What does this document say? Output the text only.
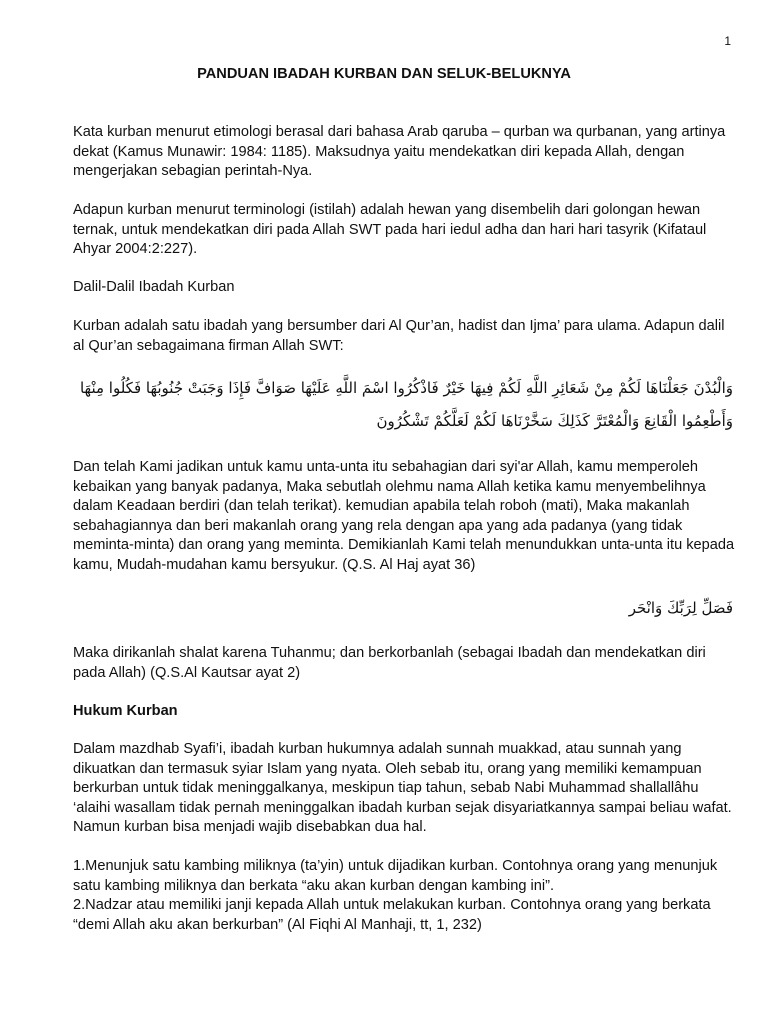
1
PANDUAN IBADAH KURBAN DAN SELUK-BELUKNYA

Kata kurban menurut etimologi berasal dari bahasa Arab qaruba – qurban wa qurbanan, yang artinya dekat (Kamus Munawir: 1984: 1185). Maksudnya yaitu mendekatkan diri kepada Allah, dengan mengerjakan sebagian perintah-Nya.

Adapun kurban menurut terminologi (istilah) adalah hewan yang disembelih dari golongan hewan ternak, untuk mendekatkan diri pada Allah SWT pada hari iedul adha dan hari hari tasyrik (Kifataul Ahyar 2004:2:227).

Dalil-Dalil Ibadah Kurban

Kurban adalah satu ibadah yang bersumber dari Al Qur’an, hadist dan Ijma’ para ulama. Adapun dalil al Qur’an sebagaimana firman Allah SWT:

وَالْبُدْنَ جَعَلْنَاهَا لَكُمْ مِنْ شَعَائِرِ اللَّهِ لَكُمْ فِيهَا خَيْرٌ فَاذْكُرُوا اسْمَ اللَّهِ عَلَيْهَا صَوَافَّ فَإِذَا وَجَبَتْ جُنُوبُهَا فَكُلُوا مِنْهَا
وَأَطْعِمُوا الْقَانِعَ وَالْمُعْتَرَّ كَذَلِكَ سَخَّرْنَاهَا لَكُمْ لَعَلَّكُمْ تَشْكُرُونَ

Dan telah Kami jadikan untuk kamu unta-unta itu sebahagian dari syi'ar Allah, kamu memperoleh kebaikan yang banyak padanya, Maka sebutlah olehmu nama Allah ketika kamu menyembelihnya dalam Keadaan berdiri (dan telah terikat). kemudian apabila telah roboh (mati), Maka makanlah sebahagiannya dan beri makanlah orang yang rela dengan apa yang ada padanya (yang tidak meminta-minta) dan orang yang meminta. Demikianlah Kami telah menundukkan unta-unta itu kepada kamu, Mudah-mudahan kamu bersyukur. (Q.S. Al Haj ayat 36)

فَصَلِّ لِرَبِّكَ وَانْحَر

Maka dirikanlah shalat karena Tuhanmu; dan berkorbanlah (sebagai Ibadah dan mendekatkan diri pada Allah) (Q.S.Al Kautsar ayat 2)

Hukum Kurban

Dalam mazdhab Syafi’i, ibadah kurban hukumnya adalah sunnah muakkad, atau sunnah yang dikuatkan dan termasuk syiar Islam yang nyata. Oleh sebab itu, orang yang memiliki kemampuan berkurban untuk tidak meninggalkanya, meskipun tiap tahun, sebab Nabi Muhammad shallallâhu ‘alaihi wasallam tidak pernah meninggalkan ibadah kurban sejak disyariatkannya sampai beliau wafat. Namun kurban bisa menjadi wajib disebabkan dua hal.

1.Menunjuk satu kambing miliknya (ta’yin) untuk dijadikan kurban. Contohnya orang yang menunjuk satu kambing miliknya dan berkata “aku akan kurban dengan kambing ini”.

2.Nadzar atau memiliki janji kepada Allah untuk melakukan kurban. Contohnya orang yang berkata “demi Allah aku akan berkurban” (Al Fiqhi Al Manhaji, tt, 1, 232)
